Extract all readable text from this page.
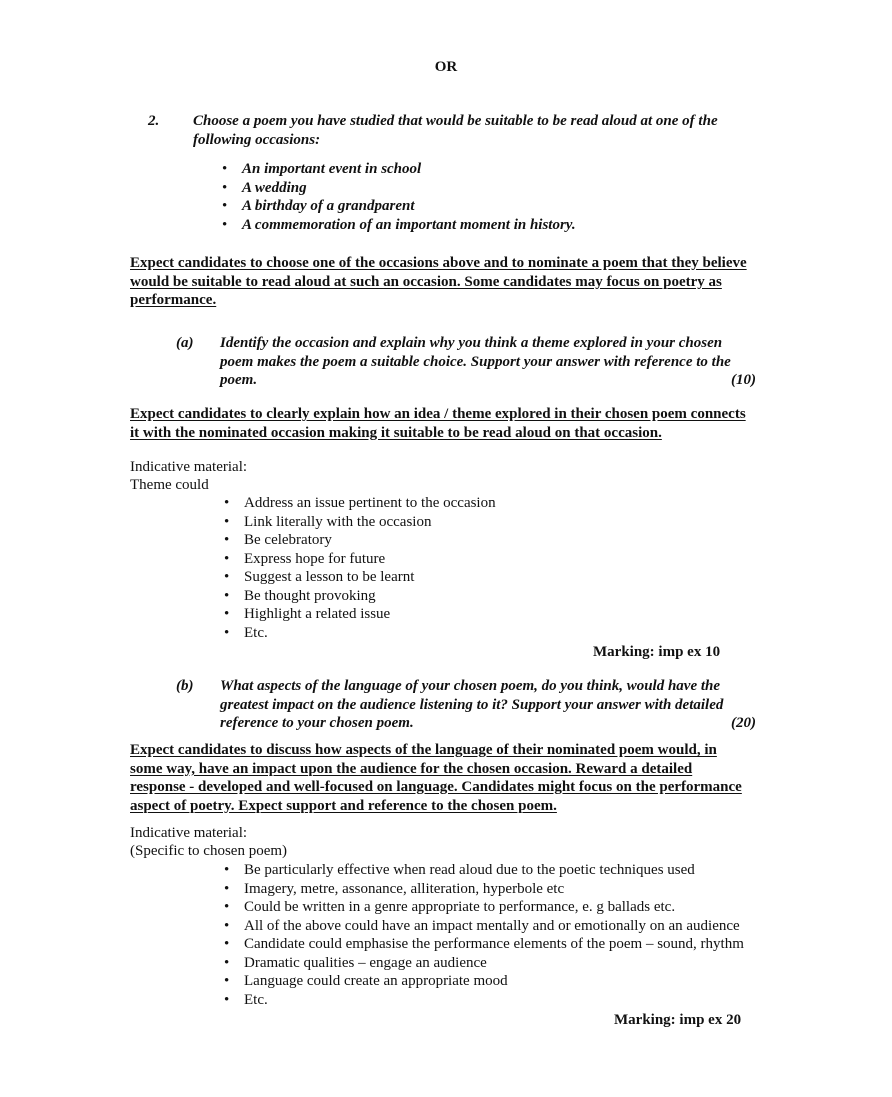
OR
2. Choose a poem you have studied that would be suitable to be read aloud at one of the following occasions:
• An important event in school
• A wedding
• A birthday of a grandparent
• A commemoration of an important moment in history.
Expect candidates to choose one of the occasions above and to nominate a poem that they believe would be suitable to read aloud at such an occasion. Some candidates may focus on poetry as performance.
(a) Identify the occasion and explain why you think a theme explored in your chosen poem makes the poem a suitable choice. Support your answer with reference to the poem.	(10)
Expect candidates to clearly explain how an idea / theme explored in their chosen poem connects it with the nominated occasion making it suitable to be read aloud on that occasion.
Indicative material:
Theme could
• Address an issue pertinent to the occasion
• Link literally with the occasion
• Be celebratory
• Express hope for future
• Suggest a lesson to be learnt
• Be thought provoking
• Highlight a related issue
• Etc.
Marking: imp ex 10
(b) What aspects of the language of your chosen poem, do you think, would have the greatest impact on the audience listening to it? Support your answer with detailed reference to your chosen poem.	(20)
Expect candidates to discuss how aspects of the language of their nominated poem would, in some way, have an impact upon the audience for the chosen occasion. Reward a detailed response - developed and well-focused on language. Candidates might focus on the performance aspect of poetry. Expect support and reference to the chosen poem.
Indicative material:
(Specific to chosen poem)
• Be particularly effective when read aloud due to the poetic techniques used
• Imagery, metre, assonance, alliteration, hyperbole etc
• Could be written in a genre appropriate to performance, e. g ballads etc.
• All of the above could have an impact mentally and or emotionally on an audience
• Candidate could emphasise the performance elements of the poem – sound, rhythm
• Dramatic qualities – engage an audience
• Language could create an appropriate mood
• Etc.
Marking: imp ex 20
